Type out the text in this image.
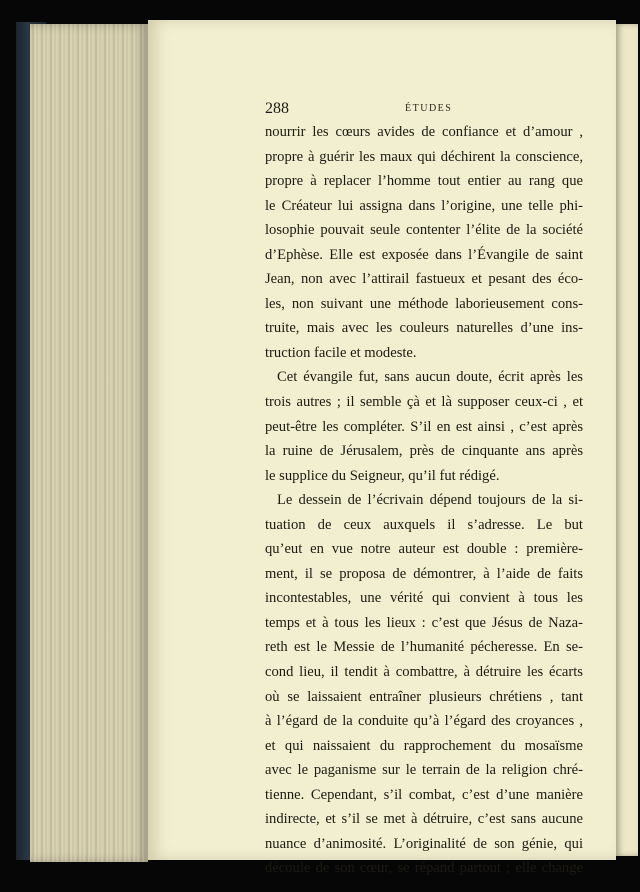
288	ÉTUDES
nourrir les cœurs avides de confiance et d’amour ,
propre à guérir les maux qui déchirent la conscience,
propre à replacer l’homme tout entier au rang que
le Créateur lui assigna dans l’origine, une telle phi-
losophie pouvait seule contenter l’élite de la société
d’Ephèse. Elle est exposée dans l’Évangile de saint
Jean, non avec l’attirail fastueux et pesant des éco-
les, non suivant une méthode laborieusement cons-
truite, mais avec les couleurs naturelles d’une ins-
truction facile et modeste.
Cet évangile fut, sans aucun doute, écrit après les
trois autres ; il semble çà et là supposer ceux-ci , et
peut-être les compléter. S’il en est ainsi , c’est après
la ruine de Jérusalem, près de cinquante ans après
le supplice du Seigneur, qu’il fut rédigé.
Le dessein de l’écrivain dépend toujours de la si-
tuation de ceux auxquels il s’adresse. Le but
qu’eut en vue notre auteur est double : première-
ment, il se proposa de démontrer, à l’aide de faits
incontestables, une vérité qui convient à tous les
temps et à tous les lieux : c’est que Jésus de Naza-
reth est le Messie de l’humanité pécheresse. En se-
cond lieu, il tendit à combattre, à détruire les écarts
où se laissaient entraîner plusieurs chrétiens , tant
à l’égard de la conduite qu’à l’égard des croyances ,
et qui naissaient du rapprochement du mosaïsme
avec le paganisme sur le terrain de la religion chré-
tienne. Cependant, s’il combat, c’est d’une manière
indirecte, et s’il se met à détruire, c’est sans aucune
nuance d’animosité. L’originalité de son génie, qui
découle de son cœur, se répand partout ; elle change
